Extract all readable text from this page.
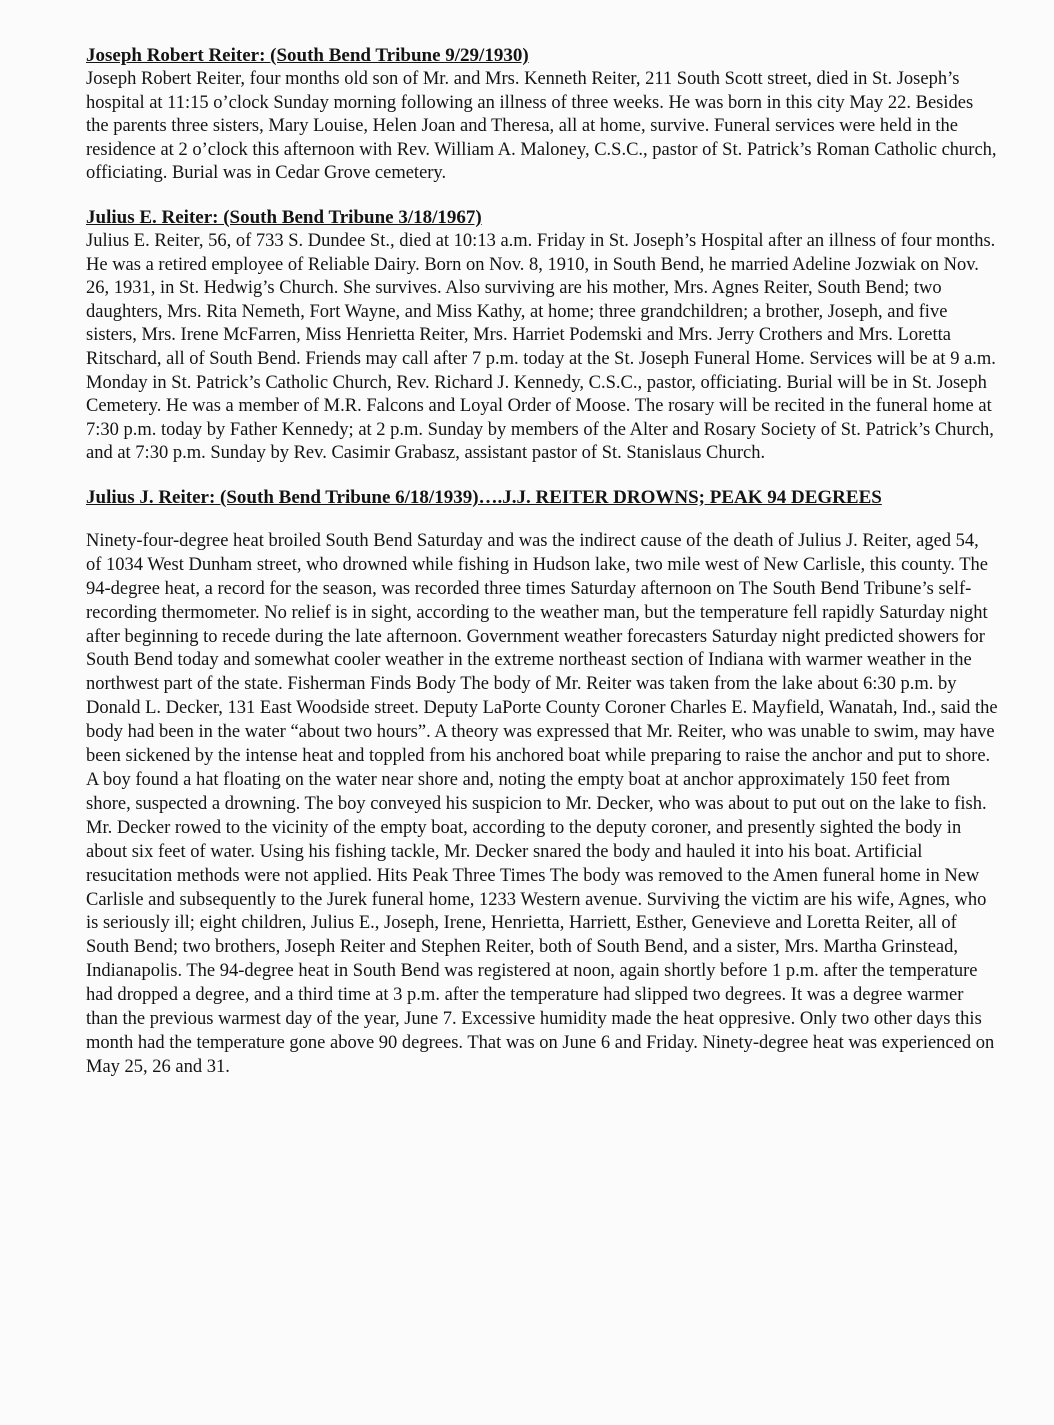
Joseph Robert Reiter: (South Bend Tribune 9/29/1930)

Joseph Robert Reiter, four months old son of Mr. and Mrs. Kenneth Reiter, 211 South Scott street, died in St. Joseph’s hospital at 11:15 o’clock Sunday morning following an illness of three weeks. He was born in this city May 22. Besides the parents three sisters, Mary Louise, Helen Joan and Theresa, all at home, survive. Funeral services were held in the residence at 2 o’clock this afternoon with Rev. William A. Maloney, C.S.C., pastor of St. Patrick’s Roman Catholic church, officiating. Burial was in Cedar Grove cemetery.

Julius E. Reiter: (South Bend Tribune 3/18/1967)

Julius E. Reiter, 56, of 733 S. Dundee St., died at 10:13 a.m. Friday in St. Joseph’s Hospital after an illness of four months. He was a retired employee of Reliable Dairy. Born on Nov. 8, 1910, in South Bend, he married Adeline Jozwiak on Nov. 26, 1931, in St. Hedwig’s Church. She survives. Also surviving are his mother, Mrs. Agnes Reiter, South Bend; two daughters, Mrs. Rita Nemeth, Fort Wayne, and Miss Kathy, at home; three grandchildren; a brother, Joseph, and five sisters, Mrs. Irene McFarren, Miss Henrietta Reiter, Mrs. Harriet Podemski and Mrs. Jerry Crothers and Mrs. Loretta Ritschard, all of South Bend. Friends may call after 7 p.m. today at the St. Joseph Funeral Home. Services will be at 9 a.m. Monday in St. Patrick’s Catholic Church, Rev. Richard J. Kennedy, C.S.C., pastor, officiating. Burial will be in St. Joseph Cemetery. He was a member of M.R. Falcons and Loyal Order of Moose. The rosary will be recited in the funeral home at 7:30 p.m. today by Father Kennedy; at 2 p.m. Sunday by members of the Alter and Rosary Society of St. Patrick’s Church, and at 7:30 p.m. Sunday by Rev. Casimir Grabasz, assistant pastor of St. Stanislaus Church.

Julius J. Reiter: (South Bend Tribune 6/18/1939)….J.J. REITER DROWNS; PEAK 94 DEGREES

Ninety-four-degree heat broiled South Bend Saturday and was the indirect cause of the death of Julius J. Reiter, aged 54, of 1034 West Dunham street, who drowned while fishing in Hudson lake, two mile west of New Carlisle, this county. The 94-degree heat, a record for the season, was recorded three times Saturday afternoon on The South Bend Tribune’s self-recording thermometer. No relief is in sight, according to the weather man, but the temperature fell rapidly Saturday night after beginning to recede during the late afternoon. Government weather forecasters Saturday night predicted showers for South Bend today and somewhat cooler weather in the extreme northeast section of Indiana with warmer weather in the northwest part of the state. Fisherman Finds Body The body of Mr. Reiter was taken from the lake about 6:30 p.m. by Donald L. Decker, 131 East Woodside street. Deputy LaPorte County Coroner Charles E. Mayfield, Wanatah, Ind., said the body had been in the water “about two hours”. A theory was expressed that Mr. Reiter, who was unable to swim, may have been sickened by the intense heat and toppled from his anchored boat while preparing to raise the anchor and put to shore. A boy found a hat floating on the water near shore and, noting the empty boat at anchor approximately 150 feet from shore, suspected a drowning. The boy conveyed his suspicion to Mr. Decker, who was about to put out on the lake to fish. Mr. Decker rowed to the vicinity of the empty boat, according to the deputy coroner, and presently sighted the body in about six feet of water. Using his fishing tackle, Mr. Decker snared the body and hauled it into his boat. Artificial resucitation methods were not applied. Hits Peak Three Times The body was removed to the Amen funeral home in New Carlisle and subsequently to the Jurek funeral home, 1233 Western avenue. Surviving the victim are his wife, Agnes, who is seriously ill; eight children, Julius E., Joseph, Irene, Henrietta, Harriett, Esther, Genevieve and Loretta Reiter, all of South Bend; two brothers, Joseph Reiter and Stephen Reiter, both of South Bend, and a sister, Mrs. Martha Grinstead, Indianapolis. The 94-degree heat in South Bend was registered at noon, again shortly before 1 p.m. after the temperature had dropped a degree, and a third time at 3 p.m. after the temperature had slipped two degrees. It was a degree warmer than the previous warmest day of the year, June 7. Excessive humidity made the heat oppresive. Only two other days this month had the temperature gone above 90 degrees. That was on June 6 and Friday. Ninety-degree heat was experienced on May 25, 26 and 31.
